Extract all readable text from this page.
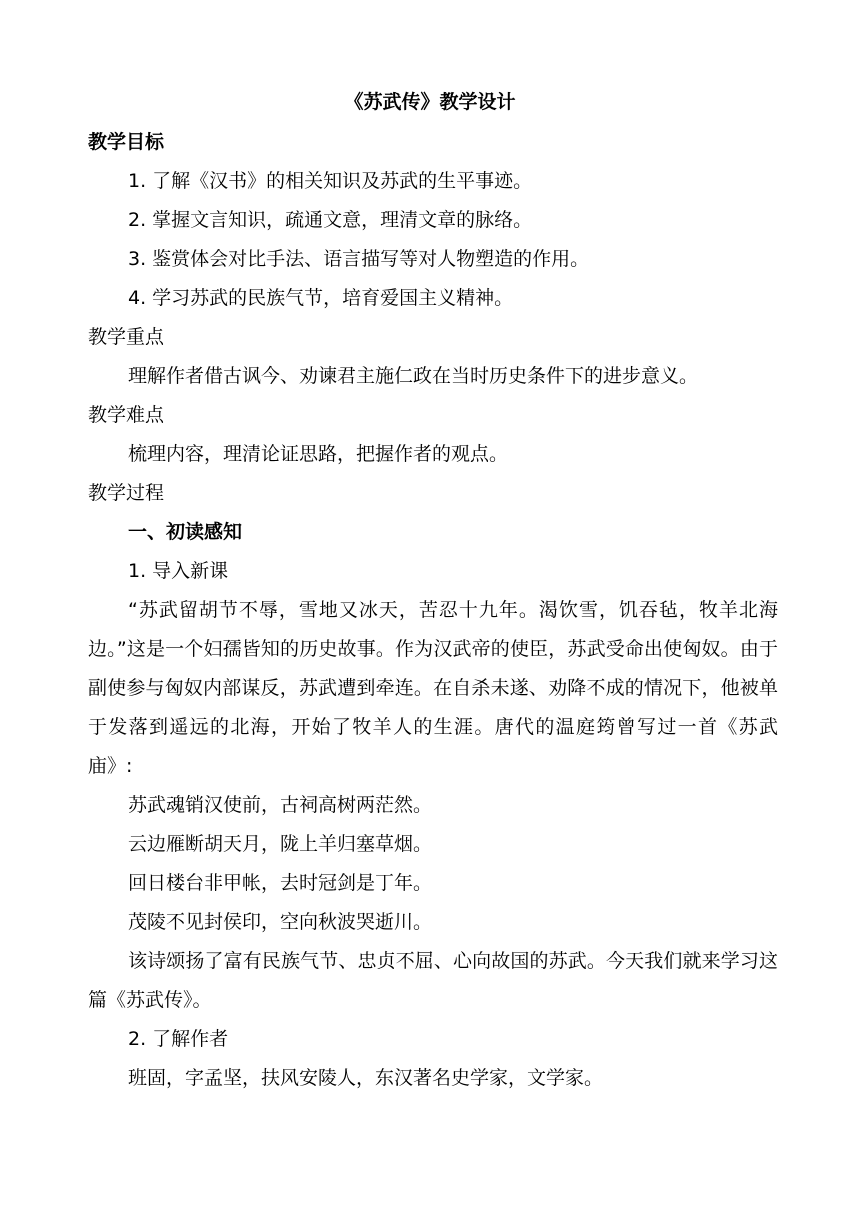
《苏武传》教学设计

教学目标

1. 了解《汉书》的相关知识及苏武的生平事迹。

2. 掌握文言知识，疏通文意，理清文章的脉络。

3. 鉴赏体会对比手法、语言描写等对人物塑造的作用。

4. 学习苏武的民族气节，培育爱国主义精神。

教学重点

理解作者借古讽今、劝谏君主施仁政在当时历史条件下的进步意义。

教学难点

梳理内容，理清论证思路，把握作者的观点。

教学过程

一、初读感知

1. 导入新课

“苏武留胡节不辱，雪地又冰天，苦忍十九年。渴饮雪，饥吞毡，牧羊北海边。”这是一个妇孺皆知的历史故事。作为汉武帝的使臣，苏武受命出使匈奴。由于副使参与匈奴内部谋反，苏武遭到牵连。在自杀未遂、劝降不成的情况下，他被单于发落到遥远的北海，开始了牧羊人的生涯。唐代的温庭筠曾写过一首《苏武庙》:

苏武魂销汉使前，古祠高树两茫然。

云边雁断胡天月，陇上羊归塞草烟。

回日楼台非甲帐，去时冠剑是丁年。

茂陵不见封侯印，空向秋波哭逝川。

该诗颂扬了富有民族气节、忠贞不屈、心向故国的苏武。今天我们就来学习这篇《苏武传》。

2. 了解作者

班固，字孟坚，扶风安陵人，东汉著名史学家，文学家。
